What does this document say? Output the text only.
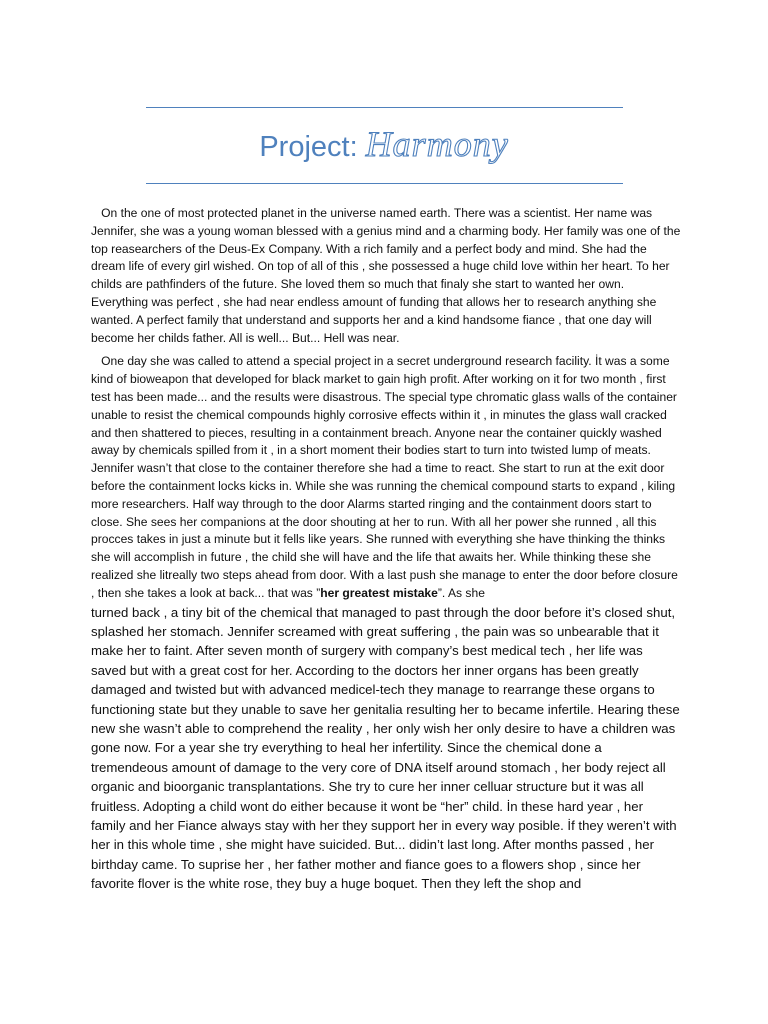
Project: Harmony

On the one of most protected planet in the universe named earth. There was a scientist. Her name was Jennifer, she was a young woman blessed with a genius mind and a charming body. Her family was one of the top reasearchers of the Deus-Ex Company. With a rich family and a perfect body and mind. She had the dream life of every girl wished. On top of all of this , she possessed a huge child love within her heart. To her childs are pathfinders of the future. She loved them so much that finaly she start to wanted her own. Everything was perfect , she had near endless amount of funding that allows her to research anything she wanted. A perfect family that understand and supports her and a kind handsome fiance , that one day will become her childs father. All is well... But... Hell was near.

One day she was called to attend a special project in a secret underground research facility. İt was a some kind of bioweapon that developed for black market to gain high profit. After working on it for two month , first test has been made... and the results were disastrous. The special type chromatic glass walls of the container unable to resist the chemical compounds highly corrosive effects within it , in minutes the glass wall cracked and then shattered to pieces, resulting in a containment breach. Anyone near the container quickly washed away by chemicals spilled from it , in a short moment their bodies start to turn into twisted lump of meats. Jennifer wasn’t that close to the container therefore she had a time to react. She start to run at the exit door before the containment locks kicks in. While she was running the chemical compound starts to expand , kiling more researchers. Half way through to the door Alarms started ringing and the containment doors start to close. She sees her companions at the door shouting at her to run. With all her power she runned , all this procces takes in just a minute but it fells like years. She runned with everything she have thinking the thinks she will accomplish in future , the child she will have and the life that awaits her. While thinking these she realized she litreally two steps ahead from door. With a last push she manage to enter the door before closure , then she takes a look at back... that was ”her greatest mistake”. As she

turned back , a tiny bit of the chemical that managed to past through the door before it’s closed shut, splashed her stomach. Jennifer screamed with great suffering , the pain was so unbearable that it make her to faint. After seven month of surgery with company’s best medical tech , her life was saved but with a great cost for her. According to the doctors her inner organs has been greatly damaged and twisted but with advanced medicel-tech they manage to rearrange these organs to functioning state but they unable to save her genitalia resulting her to became infertile. Hearing these new she wasn’t able to comprehend the reality , her only wish her only desire to have a children was gone now. For a year she try everything to heal her infertility. Since the chemical done a tremendeous amount of damage to the very core of DNA itself around stomach , her body reject all organic and bioorganic transplantations. She try to cure her inner celluar structure but it was all fruitless. Adopting a child wont do either because it wont be “her” child. İn these hard year , her family and her Fiance always stay with her they support her in every way posible. İf they weren’t with her in this whole time , she might have suicided. But... didin’t last long. After months passed , her birthday came. To suprise her , her father mother and fiance goes to a flowers shop , since her favorite flover is the white rose, they buy a huge boquet. Then they left the shop and
